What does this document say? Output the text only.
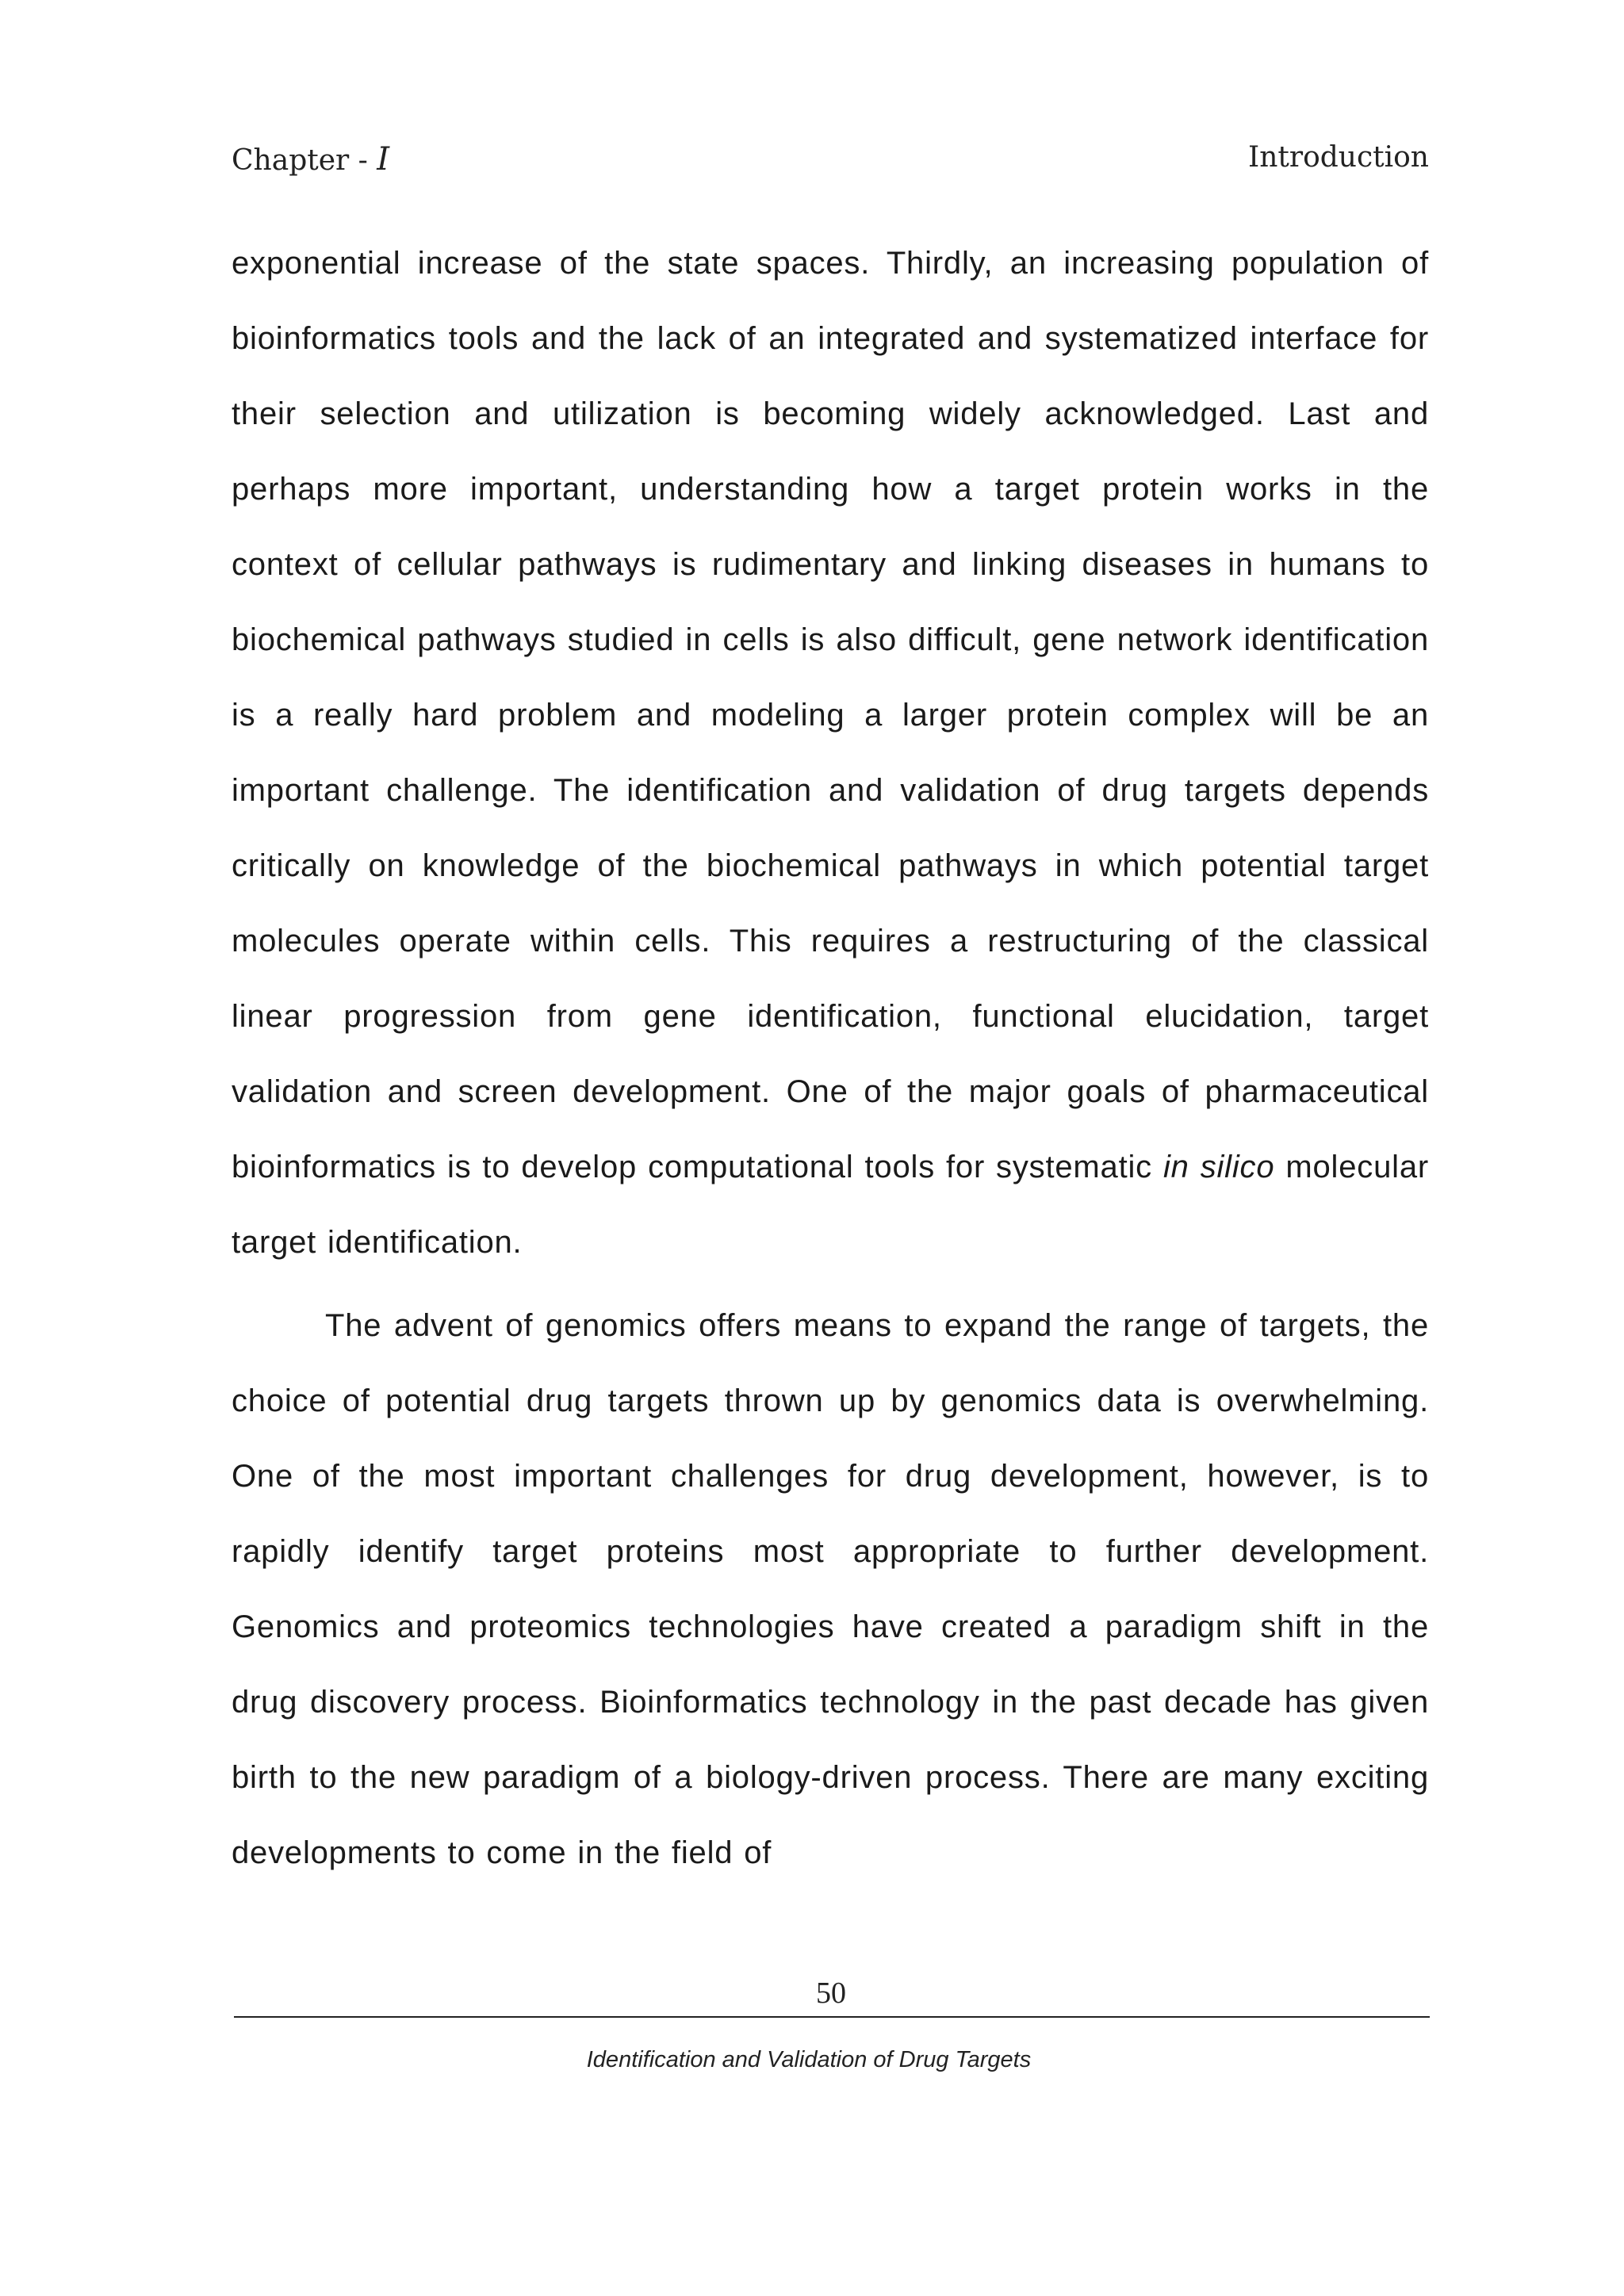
Chapter - I	Introduction

exponential increase of the state spaces. Thirdly, an increasing population of bioinformatics tools and the lack of an integrated and systematized interface for their selection and utilization is becoming widely acknowledged. Last and perhaps more important, understanding how a target protein works in the context of cellular pathways is rudimentary and linking diseases in humans to biochemical pathways studied in cells is also difficult, gene network identification is a really hard problem and modeling a larger protein complex will be an important challenge. The identification and validation of drug targets depends critically on knowledge of the biochemical pathways in which potential target molecules operate within cells. This requires a restructuring of the classical linear progression from gene identification, functional elucidation, target validation and screen development. One of the major goals of pharmaceutical bioinformatics is to develop computational tools for systematic in silico molecular target identification.

The advent of genomics offers means to expand the range of targets, the choice of potential drug targets thrown up by genomics data is overwhelming. One of the most important challenges for drug development, however, is to rapidly identify target proteins most appropriate to further development. Genomics and proteomics technologies have created a paradigm shift in the drug discovery process. Bioinformatics technology in the past decade has given birth to the new paradigm of a biology-driven process. There are many exciting developments to come in the field of

50
Identification and Validation of Drug Targets
